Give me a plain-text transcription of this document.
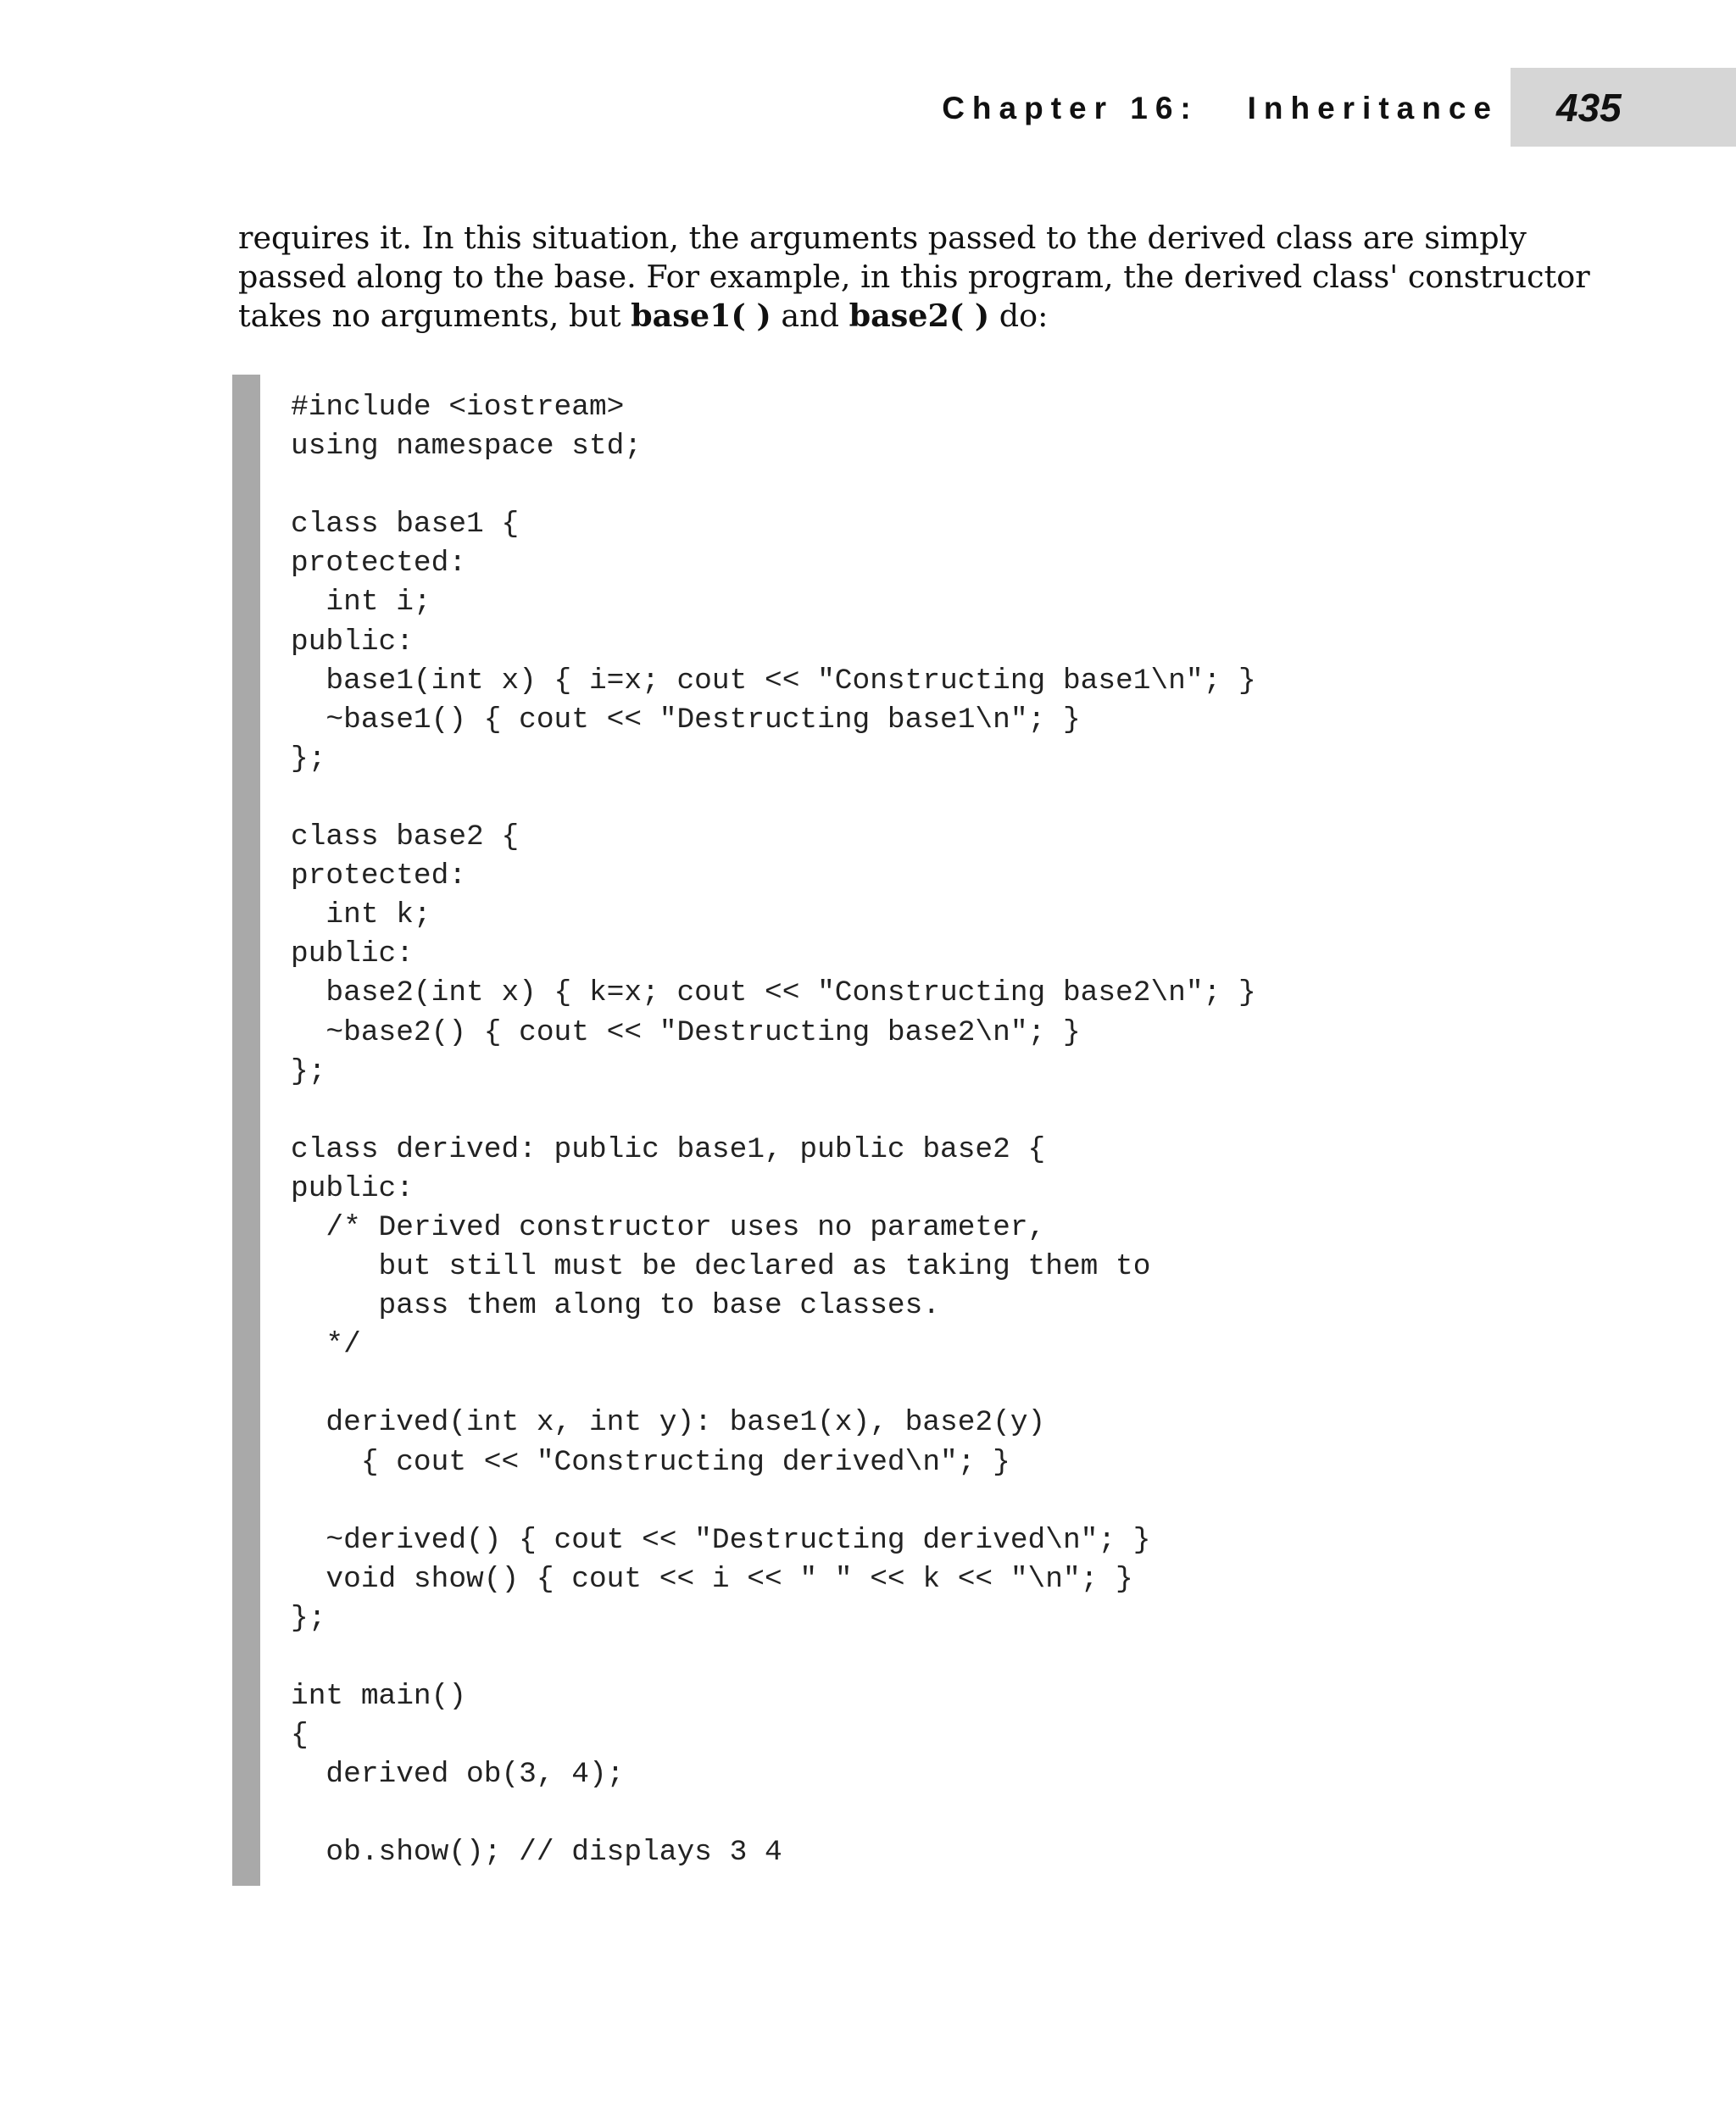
Chapter 16:   Inheritance 435

requires it. In this situation, the arguments passed to the derived class are simply

passed along to the base. For example, in this program, the derived class' constructor

takes no arguments, but base1( ) and base2( ) do:

#include <iostream>
using namespace std;

class base1 {
protected:
int i;
public:
base1(int x) { i=x; cout << "Constructing base1\n"; }
~base1() { cout << "Destructing base1\n"; }
};

class base2 {
protected:
int k;
public:
base2(int x) { k=x; cout << "Constructing base2\n"; }
~base2() { cout << "Destructing base2\n"; }
};

class derived: public base1, public base2 {
public:
/* Derived constructor uses no parameter,
but still must be declared as taking them to
pass them along to base classes.
*/

derived(int x, int y): base1(x), base2(y)
{ cout << "Constructing derived\n"; }

~derived() { cout << "Destructing derived\n"; }
void show() { cout << i << " " << k << "\n"; }
};

int main()
{
derived ob(3, 4);

ob.show(); // displays 3 4
